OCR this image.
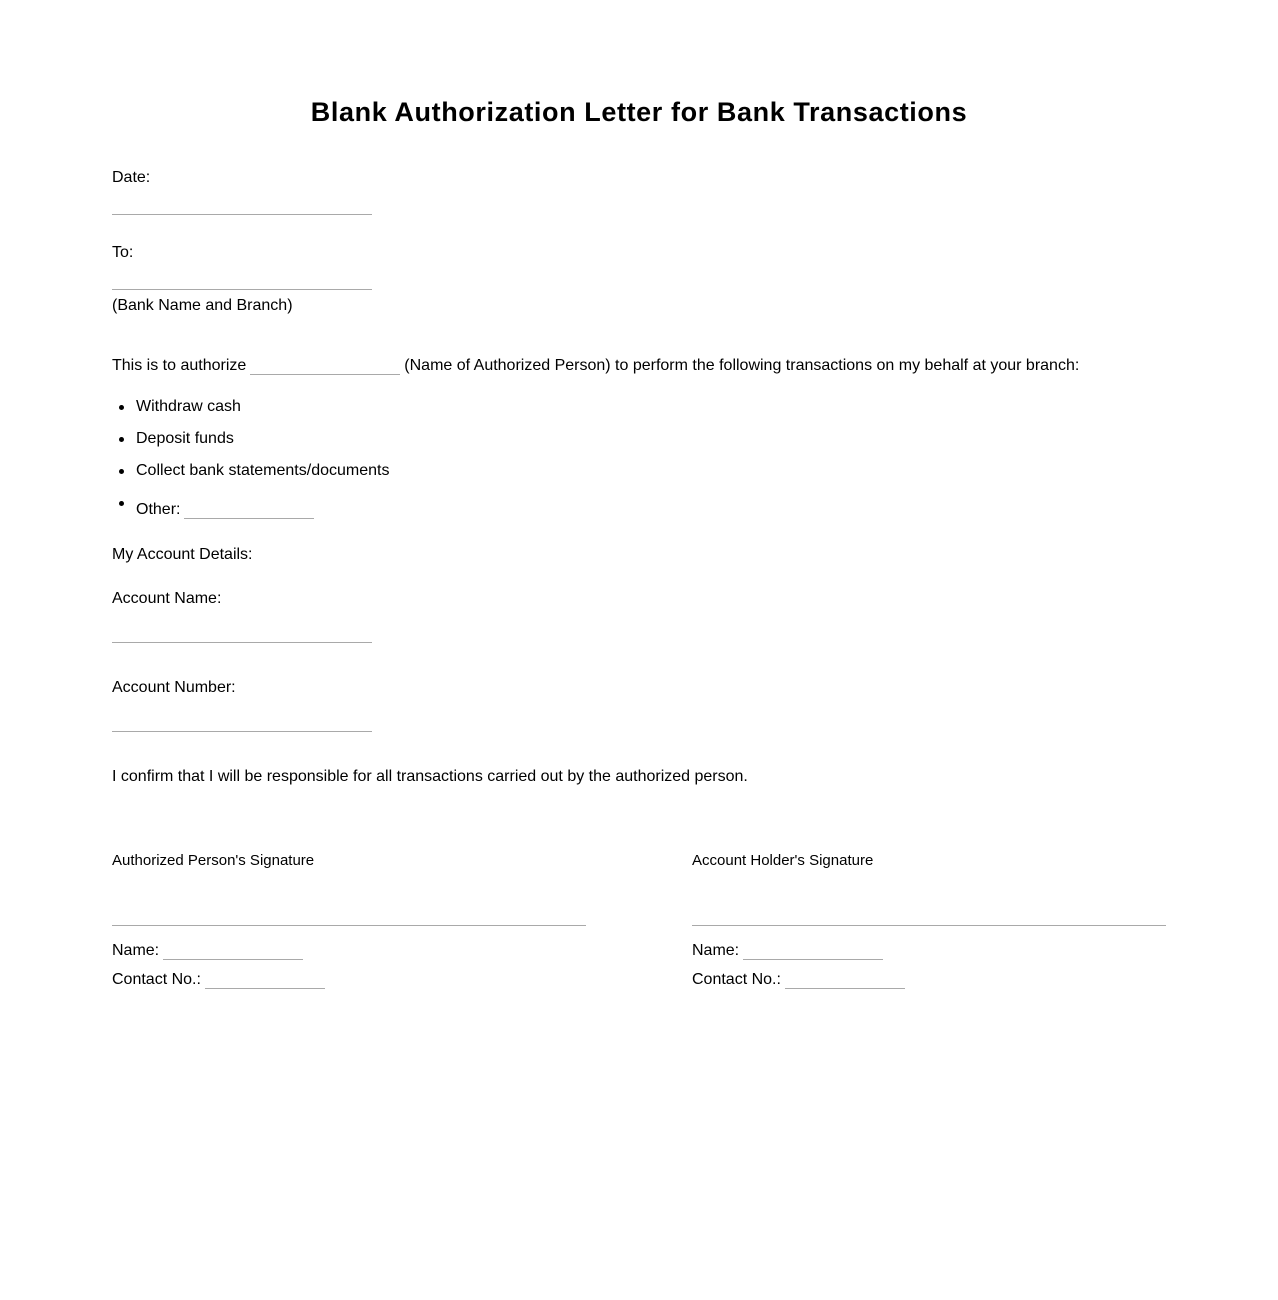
Blank Authorization Letter for Bank Transactions
Date:
To:
(Bank Name and Branch)
This is to authorize	(Name of Authorized Person) to perform the following transactions on my behalf at your branch:
Withdraw cash
Deposit funds
Collect bank statements/documents
Other:
My Account Details:
Account Name:
Account Number:
I confirm that I will be responsible for all transactions carried out by the authorized person.
Authorized Person's Signature
Name:
Contact No.:
Account Holder's Signature
Name:
Contact No.:
